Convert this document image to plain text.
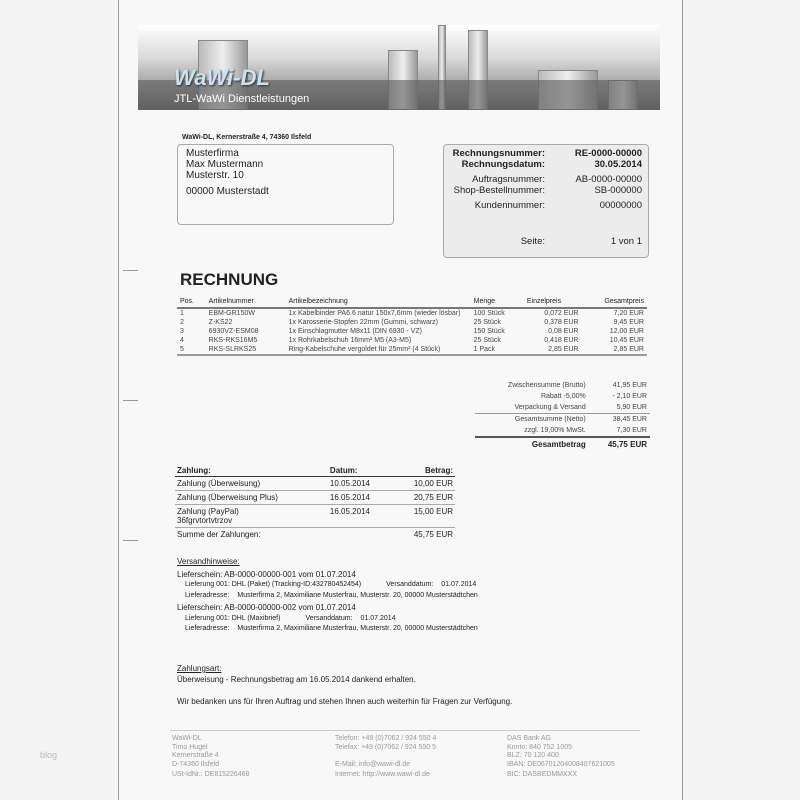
WaWi-DL
JTL-WaWi Dienstleistungen
WaWi-DL, Kernerstraße 4, 74360 Ilsfeld
Musterfirma
Max Mustermann
Musterstr. 10
00000 Musterstadt
Rechnungsnummer:	RE-0000-00000
Rechnungsdatum:	30.05.2014
Auftragsnummer:	AB-0000-00000
Shop-Bestellnummer:	SB-000000
Kundennummer:	00000000
Seite:	1 von 1
RECHNUNG
Pos.	Artikelnummer	Artikelbezeichnung	Menge	Einzelpreis	Gesamtpreis
1	EBM-GR150W	1x Kabelbinder PA6.6 natur 150x7,6mm (wieder lösbar)	100 Stück	0,072 EUR	7,20 EUR
2	Z-KS22	1x Karosserie-Stopfen 22mm (Gummi, schwarz)	25 Stück	0,378 EUR	9,45 EUR
3	6930VZ-ESM08	1x Einschlagmutter M8x11 (DIN 6930 - VZ)	150 Stück	0,08 EUR	12,00 EUR
4	RKS-RKS16M5	1x Rohrkabelschuh 16mm² M5 (A3-M5)	25 Stück	0,418 EUR	10,45 EUR
5	RKS-SLRKS25	Ring-Kabelschuhe vergoldet für 25mm² (4 Stück)	1 Pack	2,85 EUR	2,85 EUR
Zwischensumme (Brutto)	41,95 EUR
Rabatt -5,00%	- 2,10 EUR
Verpackung & Versand	5,90 EUR
Gesamtsumme (Netto)	38,45 EUR
zzgl. 19,00% MwSt.	7,30 EUR
Gesamtbetrag	45,75 EUR
Zahlung:	Datum:	Betrag:

Zahlung (Überweisung)	10.05.2014	10,00 EUR

Zahlung (Überweisung Plus)	16.05.2014	20,75 EUR

Zahlung (PayPal)
36fgrvtortvtrzov	16.05.2014	15,00 EUR
Summe der Zahlungen:		45,75 EUR
Versandhinweise:
Lieferschein: AB-0000-00000-001 vom 01.07.2014
Lieferung 001: DHL (Paket) (Tracking-ID:432780452454)	Versanddatum: 01.07.2014
Lieferadresse: Musterfirma 2, Maximiliane Musterfrau, Musterstr. 20, 00000 Musterstädtchen
Lieferschein: AB-0000-00000-002 vom 01.07.2014
Lieferung 001: DHL (Maxibrief)	Versanddatum: 01.07.2014
Lieferadresse: Musterfirma 2, Maximiliane Musterfrau, Musterstr. 20, 00000 Musterstädtchen
Zahlungsart:
Überweisung - Rechnungsbetrag am 16.05.2014 dankend erhalten.
Wir bedanken uns für Ihren Auftrag und stehen Ihnen auch weiterhin für Fragen zur Verfügung.
WaWi-DL
Timo Hugel
Kernerstraße 4
D-74360 Ilsfeld
USt-IdNr.: DE815226468
Telefon: +49 (0)7062 / 924 550 4
Telefax: +49 (0)7062 / 924 550 5
E-Mail: info@wawi-dl.de
Internet: http://www.wawi-dl.de
DAS Bank AG
Konto: 840 752 1005
BLZ: 70 120 400
IBAN: DE06701204008407621005
BIC: DASBEDMMXXX
blog
